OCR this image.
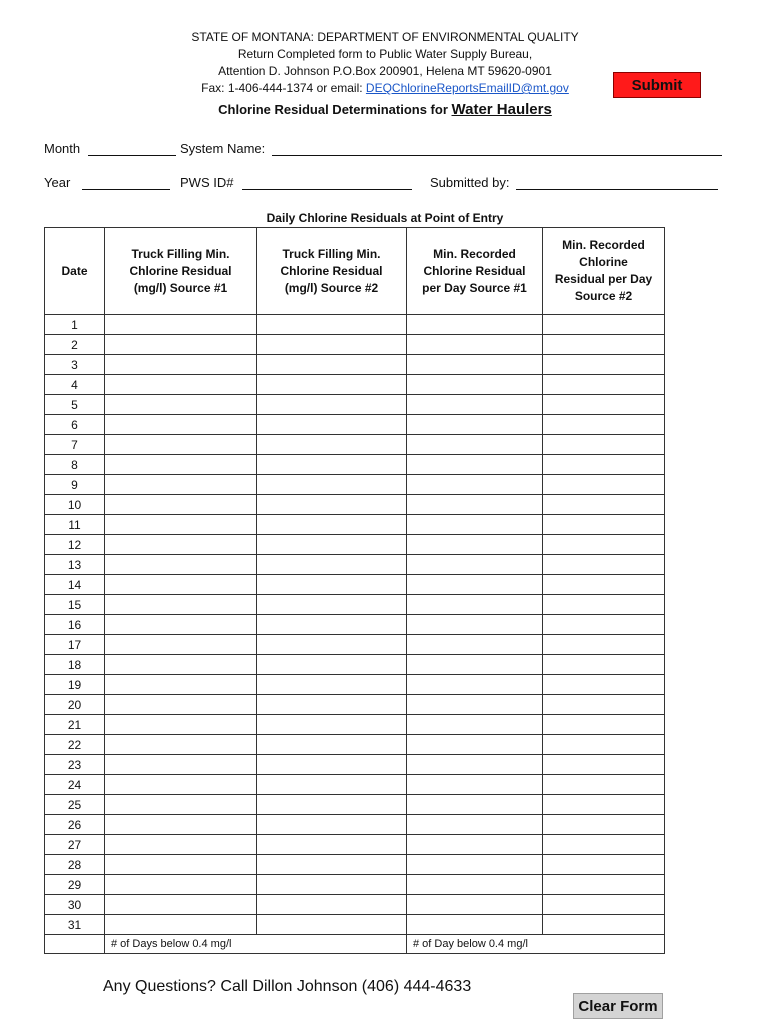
STATE OF MONTANA: DEPARTMENT OF ENVIRONMENTAL QUALITY
Return Completed form to Public Water Supply Bureau,
Attention D. Johnson P.O.Box 200901, Helena MT 59620-0901
Fax: 1-406-444-1374 or email: DEQChlorineReportsEmailID@mt.gov	Submit
Chlorine Residual Determinations for Water Haulers
Month	System Name:
Year	PWS ID#	Submitted by:
Daily Chlorine Residuals at Point of Entry
Date	Truck Filling Min. Chlorine Residual (mg/l) Source #1	Truck Filling Min. Chlorine Residual (mg/l) Source #2	Min. Recorded Chlorine Residual per Day Source #1	Min. Recorded Chlorine Residual per Day Source #2
1				
2				
3				
4				
5				
6				
7				
8				
9				
10				
11				
12				
13				
14				
15				
16				
17				
18				
19				
20				
21				
22				
23				
24				
25				
26				
27				
28				
29				
30				
31				
	# of Days below 0.4 mg/l		# of Day below 0.4 mg/l	
Any Questions? Call Dillon Johnson (406) 444-4633
Clear Form
